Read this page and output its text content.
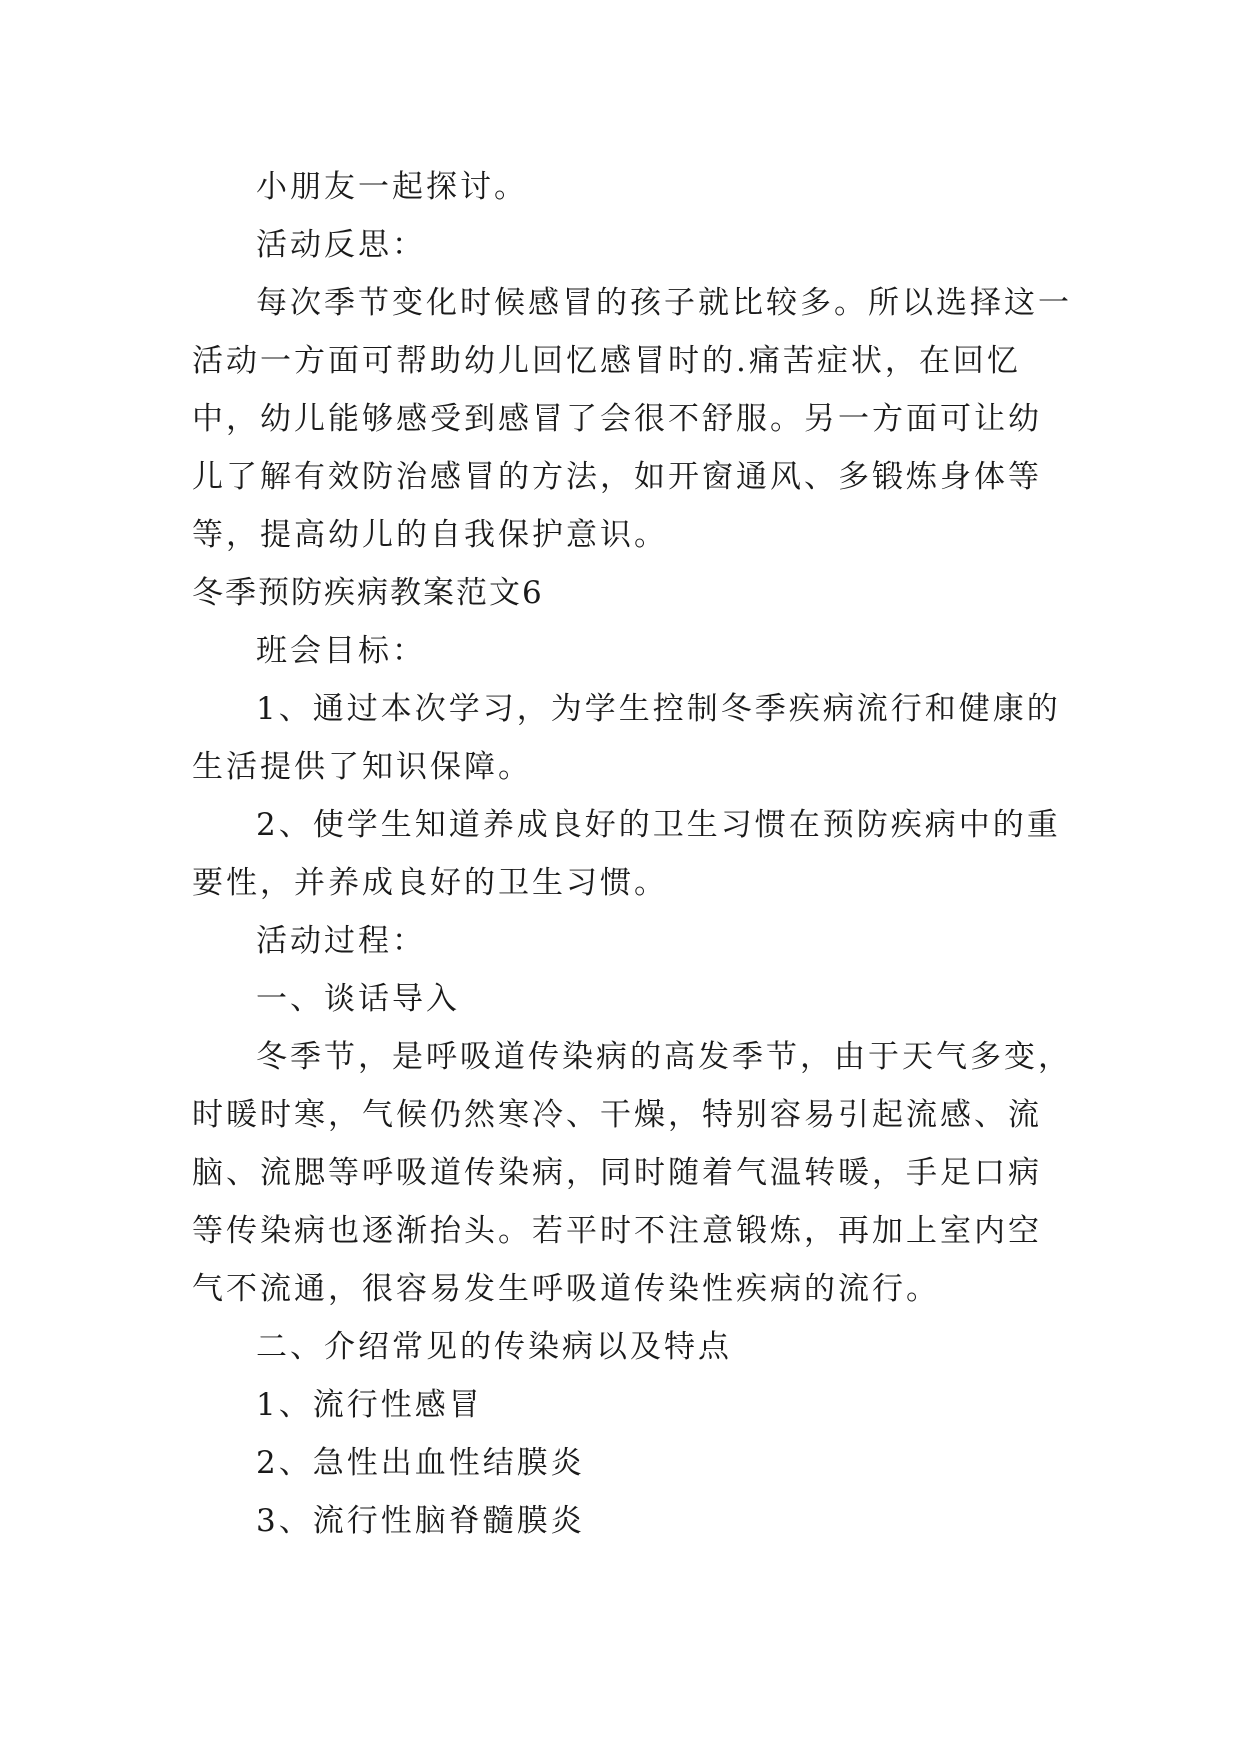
小朋友一起探讨。

活动反思：

每次季节变化时候感冒的孩子就比较多。所以选择这一活动一方面可帮助幼儿回忆感冒时的.痛苦症状，在回忆中，幼儿能够感受到感冒了会很不舒服。另一方面可让幼儿了解有效防治感冒的方法，如开窗通风、多锻炼身体等等，提高幼儿的自我保护意识。

冬季预防疾病教案范文6

班会目标：

1、通过本次学习，为学生控制冬季疾病流行和健康的生活提供了知识保障。

2、使学生知道养成良好的卫生习惯在预防疾病中的重要性，并养成良好的卫生习惯。

活动过程：

一、谈话导入

冬季节，是呼吸道传染病的高发季节，由于天气多变，时暖时寒，气候仍然寒冷、干燥，特别容易引起流感、流脑、流腮等呼吸道传染病，同时随着气温转暖，手足口病等传染病也逐渐抬头。若平时不注意锻炼，再加上室内空气不流通，很容易发生呼吸道传染性疾病的流行。

二、介绍常见的传染病以及特点

1、流行性感冒

2、急性出血性结膜炎

3、流行性脑脊髓膜炎
